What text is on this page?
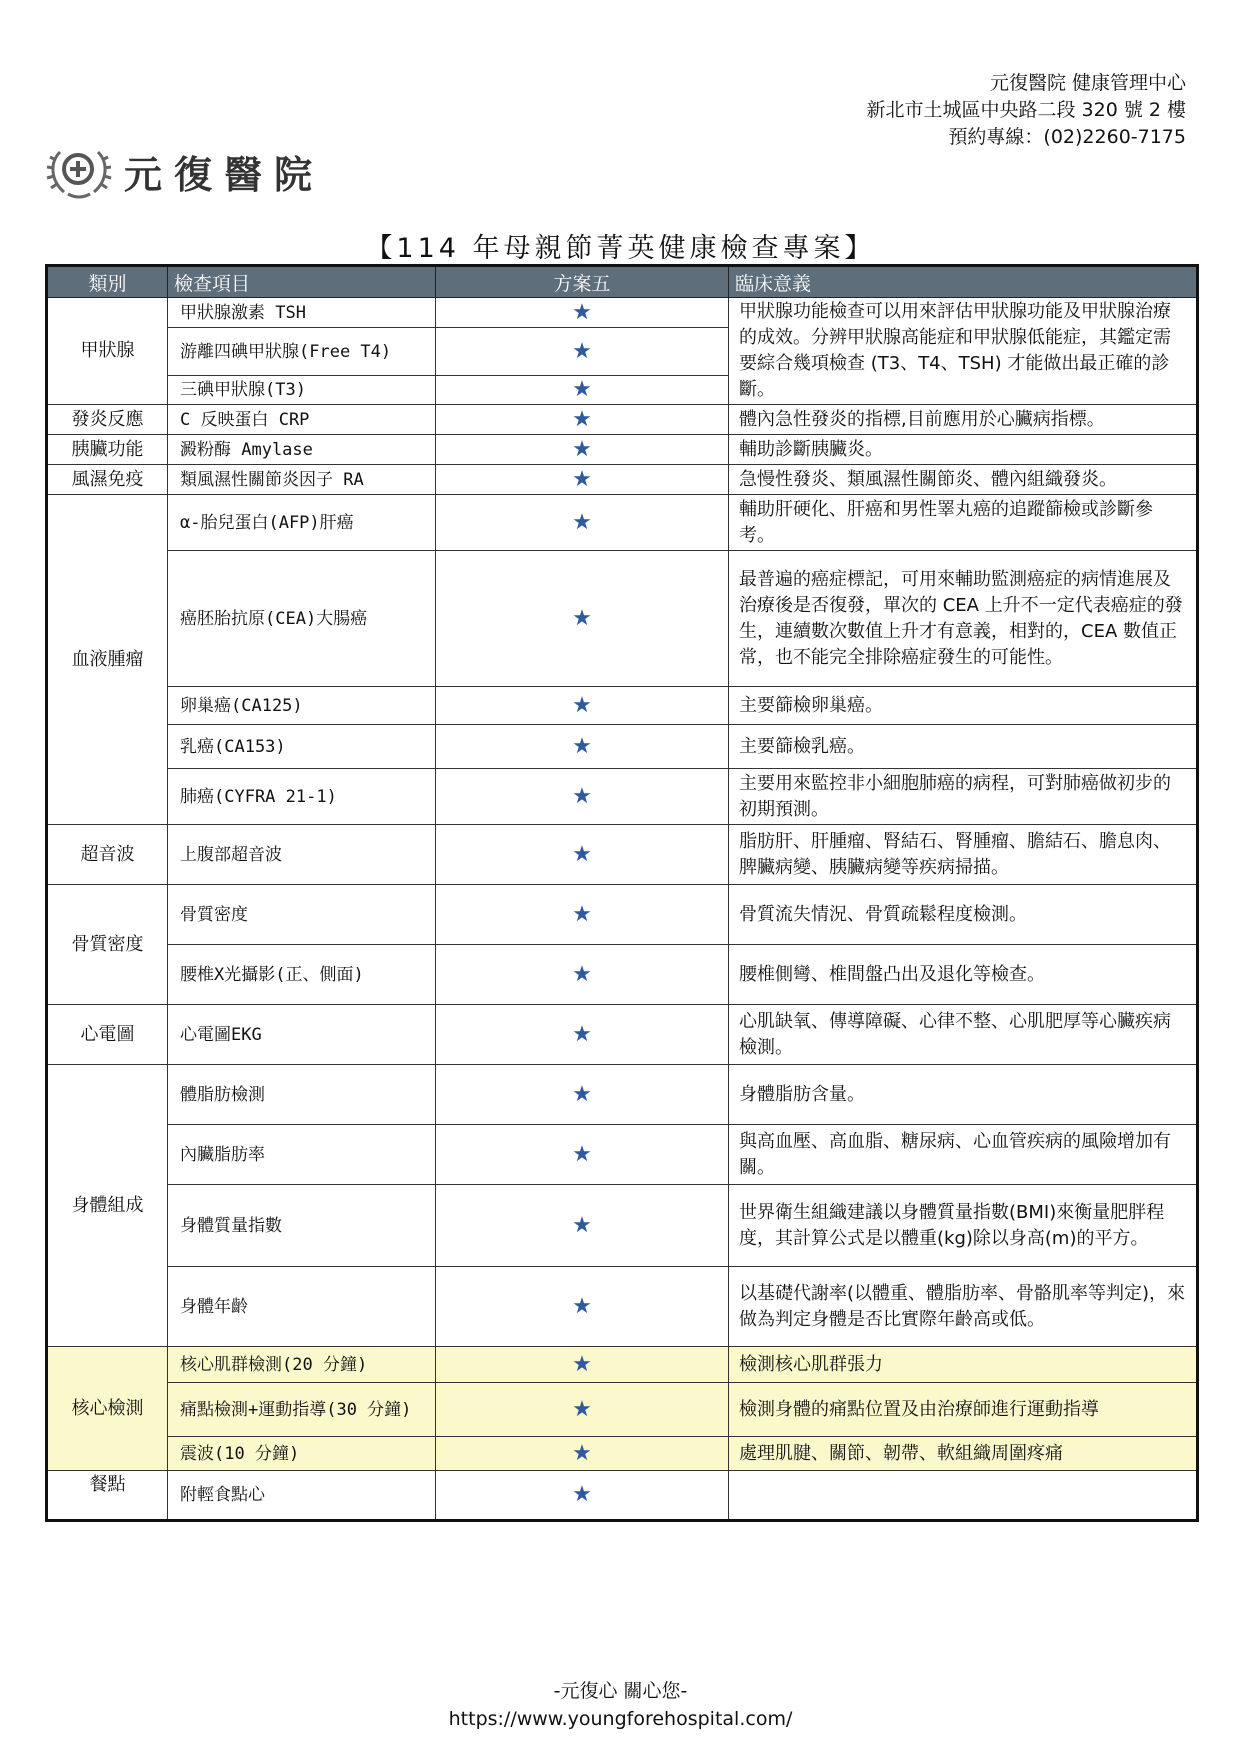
元復醫院 健康管理中心
新北市土城區中央路二段 320 號 2 樓
預約專線：(02)2260-7175
元復醫院
【114 年母親節菁英健康檢查專案】
類別	檢查項目	方案五	臨床意義
甲狀腺	甲狀腺激素 TSH	★	甲狀腺功能檢查可以用來評估甲狀腺功能及甲狀腺治療的成效。分辨甲狀腺高能症和甲狀腺低能症，其鑑定需要綜合幾項檢查 (T3、T4、TSH) 才能做出最正確的診斷。
	游離四碘甲狀腺(Free T4)	★	
	三碘甲狀腺(T3)	★	
發炎反應	C 反映蛋白 CRP	★	體內急性發炎的指標,目前應用於心臟病指標。
胰臟功能	澱粉酶 Amylase	★	輔助診斷胰臟炎。
風濕免疫	類風濕性關節炎因子 RA	★	急慢性發炎、類風濕性關節炎、體內組織發炎。
血液腫瘤	α-胎兒蛋白(AFP)肝癌	★	輔助肝硬化、肝癌和男性睪丸癌的追蹤篩檢或診斷參考。
	癌胚胎抗原(CEA)大腸癌	★	最普遍的癌症標記，可用來輔助監測癌症的病情進展及治療後是否復發，單次的 CEA 上升不一定代表癌症的發生，連續數次數值上升才有意義，相對的，CEA 數值正常，也不能完全排除癌症發生的可能性。
	卵巢癌(CA125)	★	主要篩檢卵巢癌。
	乳癌(CA153)	★	主要篩檢乳癌。
	肺癌(CYFRA 21-1)	★	主要用來監控非小細胞肺癌的病程，可對肺癌做初步的初期預測。
超音波	上腹部超音波	★	脂肪肝、肝腫瘤、腎結石、腎腫瘤、膽結石、膽息肉、脾臟病變、胰臟病變等疾病掃描。
骨質密度	骨質密度	★	骨質流失情況、骨質疏鬆程度檢測。
	腰椎X光攝影(正、側面)	★	腰椎側彎、椎間盤凸出及退化等檢查。
心電圖	心電圖EKG	★	心肌缺氧、傳導障礙、心律不整、心肌肥厚等心臟疾病檢測。
身體組成	體脂肪檢測	★	身體脂肪含量。
	內臟脂肪率	★	與高血壓、高血脂、糖尿病、心血管疾病的風險增加有關。
	身體質量指數	★	世界衛生組織建議以身體質量指數(BMI)來衡量肥胖程度，其計算公式是以體重(kg)除以身高(m)的平方。
	身體年齡	★	以基礎代謝率(以體重、體脂肪率、骨骼肌率等判定)，來做為判定身體是否比實際年齡高或低。
核心檢測	核心肌群檢測(20 分鐘)	★	檢測核心肌群張力
	痛點檢測+運動指導(30 分鐘)	★	檢測身體的痛點位置及由治療師進行運動指導
	震波(10 分鐘)	★	處理肌腱、關節、韌帶、軟組織周圍疼痛
餐點	附輕食點心	★	
-元復心 關心您-
https://www.youngforehospital.com/
